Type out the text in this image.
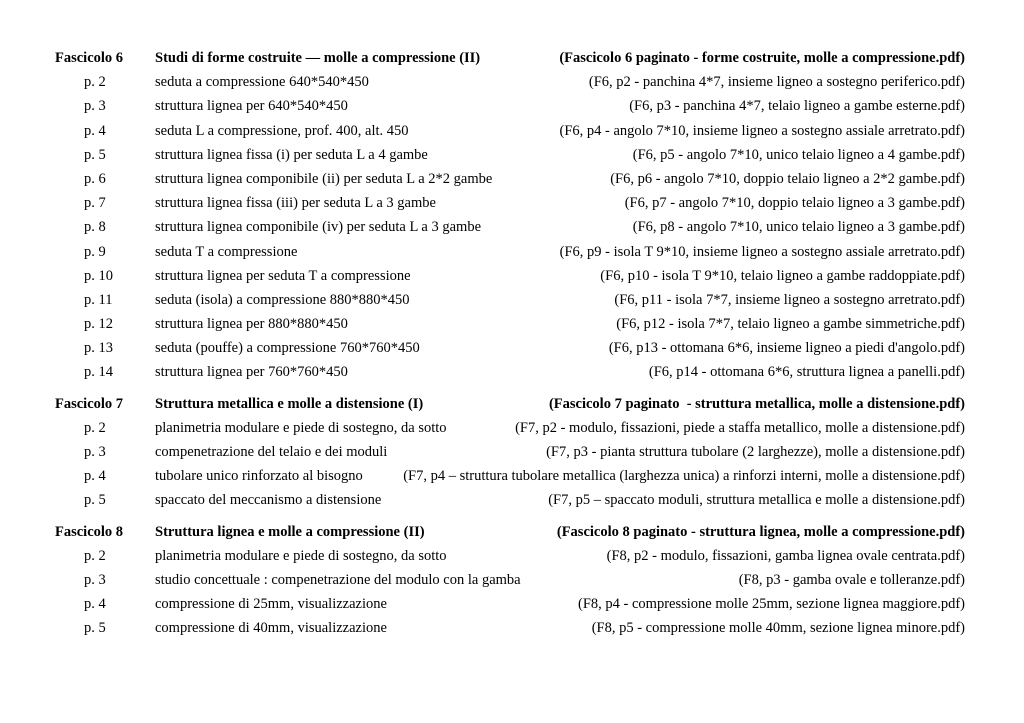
Fascicolo 6	Studi di forme costruite — molle a compressione (II)	(Fascicolo 6 paginato - forme costruite, molle a compressione.pdf)
p. 2	seduta a compressione 640*540*450	(F6, p2 - panchina 4*7, insieme ligneo a sostegno periferico.pdf)
p. 3	struttura lignea per 640*540*450	(F6, p3 - panchina 4*7, telaio ligneo a gambe esterne.pdf)
p. 4	seduta L a compressione, prof. 400, alt. 450	(F6, p4 - angolo 7*10, insieme ligneo a sostegno assiale arretrato.pdf)
p. 5	struttura lignea fissa (i) per seduta L a 4 gambe	(F6, p5 - angolo 7*10, unico telaio ligneo a 4 gambe.pdf)
p. 6	struttura lignea componibile (ii) per seduta L a 2*2 gambe	(F6, p6 - angolo 7*10, doppio telaio ligneo a 2*2 gambe.pdf)
p. 7	struttura lignea fissa (iii) per seduta L a 3 gambe	(F6, p7 - angolo 7*10, doppio telaio ligneo a 3 gambe.pdf)
p. 8	struttura lignea componibile (iv) per seduta L a 3 gambe	(F6, p8 - angolo 7*10, unico telaio ligneo a 3 gambe.pdf)
p. 9	seduta T a compressione	(F6, p9 - isola T 9*10, insieme ligneo a sostegno assiale arretrato.pdf)
p. 10	struttura lignea per seduta T a compressione	(F6, p10 - isola T 9*10, telaio ligneo a gambe raddoppiate.pdf)
p. 11	seduta (isola) a compressione 880*880*450	(F6, p11 - isola 7*7, insieme ligneo a sostegno arretrato.pdf)
p. 12	struttura lignea per 880*880*450	(F6, p12 - isola 7*7, telaio ligneo a gambe simmetriche.pdf)
p. 13	seduta (pouffe) a compressione 760*760*450	(F6, p13 - ottomana 6*6, insieme ligneo a piedi d'angolo.pdf)
p. 14	struttura lignea per 760*760*450	(F6, p14 - ottomana 6*6, struttura lignea a panelli.pdf)
Fascicolo 7	Struttura metallica e molle a distensione (I)	(Fascicolo 7 paginato  - struttura metallica, molle a distensione.pdf)
p. 2	planimetria modulare e piede di sostegno, da sotto	(F7, p2 - modulo, fissazioni, piede a staffa metallico, molle a distensione.pdf)
p. 3	compenetrazione del telaio e dei moduli	(F7, p3 - pianta struttura tubolare (2 larghezze), molle a distensione.pdf)
p. 4	tubolare unico rinforzato al bisogno	(F7, p4 – struttura tubolare metallica (larghezza unica) a rinforzi interni, molle a distensione.pdf)
p. 5	spaccato del meccanismo a distensione	(F7, p5 – spaccato moduli, struttura metallica e molle a distensione.pdf)
Fascicolo 8	Struttura lignea e molle a compressione (II)	(Fascicolo 8 paginato - struttura lignea, molle a compressione.pdf)
p. 2	planimetria modulare e piede di sostegno, da sotto	(F8, p2 - modulo, fissazioni, gamba lignea ovale centrata.pdf)
p. 3	studio concettuale : compenetrazione del modulo con la gamba	(F8, p3 - gamba ovale e tolleranze.pdf)
p. 4	compressione di 25mm, visualizzazione	(F8, p4 - compressione molle 25mm, sezione lignea maggiore.pdf)
p. 5	compressione di 40mm, visualizzazione	(F8, p5 - compressione molle 40mm, sezione lignea minore.pdf)
